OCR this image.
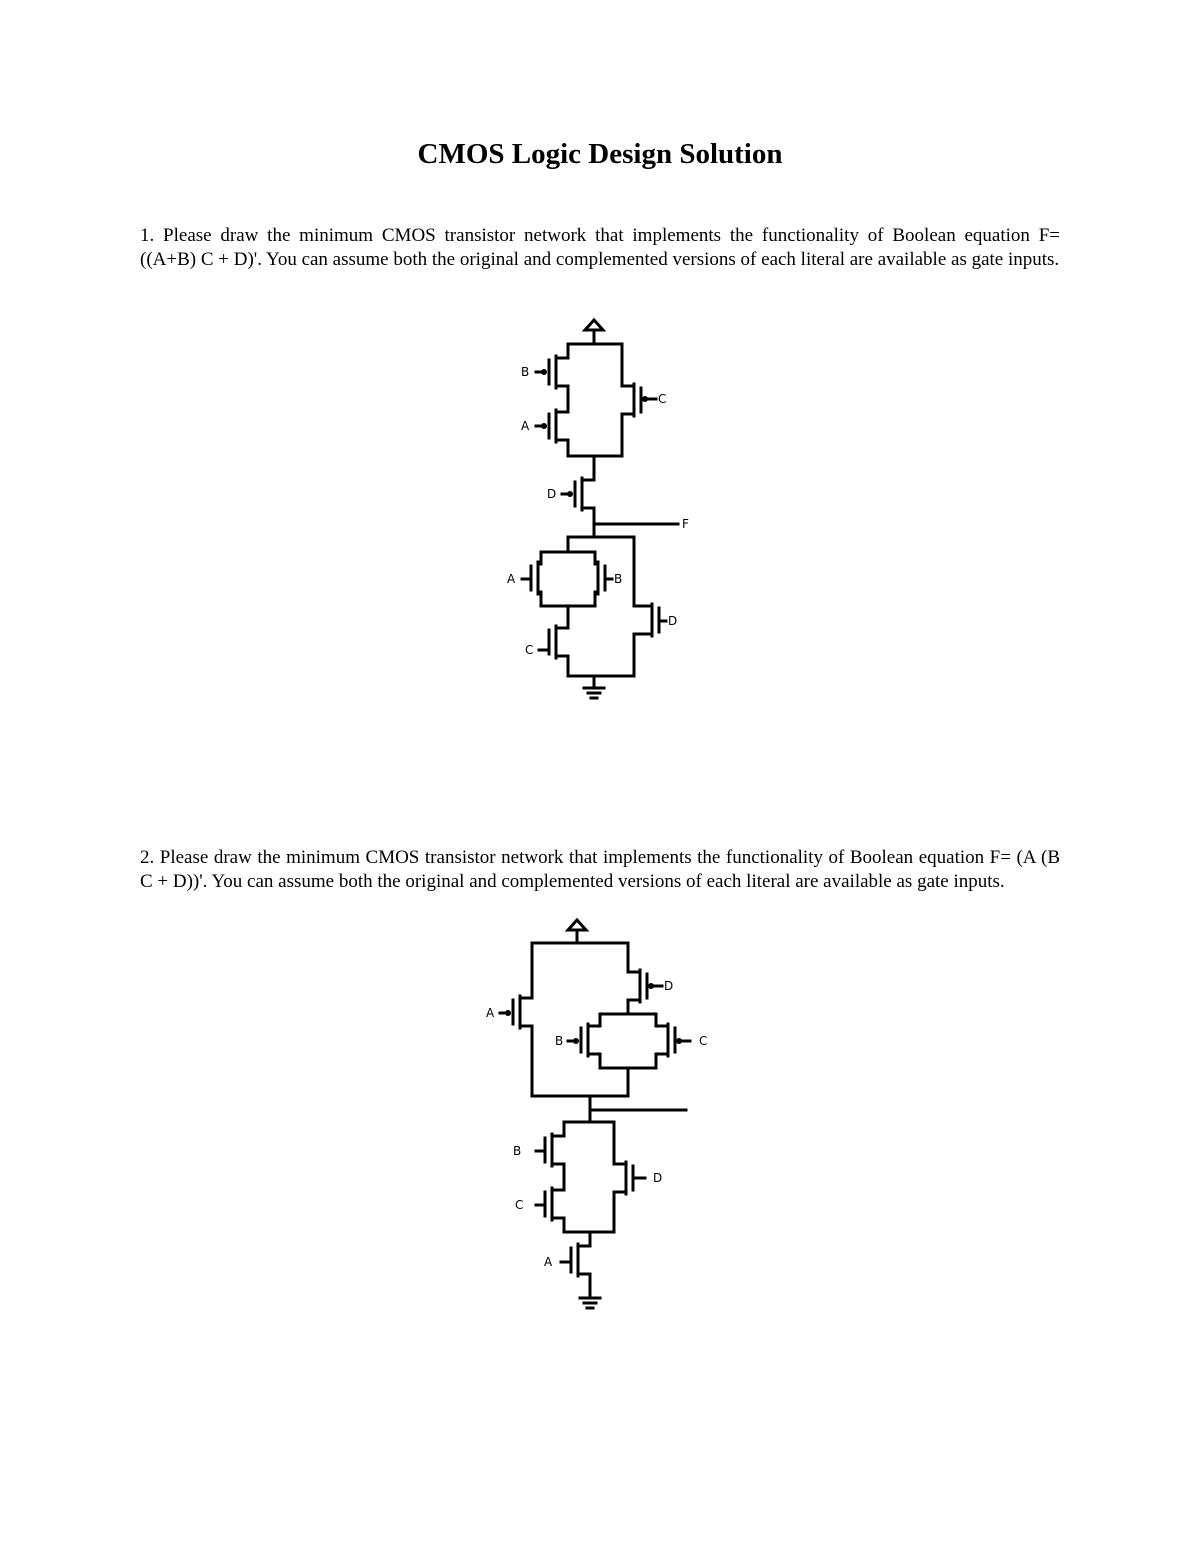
CMOS Logic Design Solution

1. Please draw the minimum CMOS transistor network that implements the functionality of Boolean equation F= ((A+B) C + D)'. You can assume both the original and complemented versions of each literal are available as gate inputs.

B
A
C
D
F
A	B
C
D

2. Please draw the minimum CMOS transistor network that implements the functionality of Boolean equation F= (A (B C + D))'. You can assume both the original and complemented versions of each literal are available as gate inputs.

A
D
B	C
B
C
D
A
